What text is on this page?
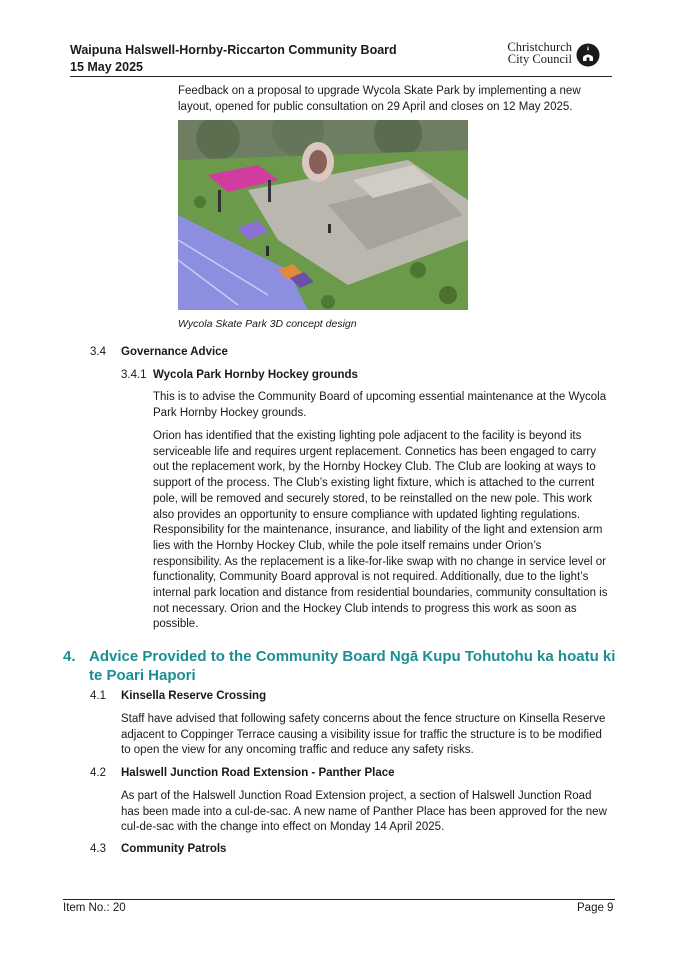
Waipuna Halswell-Hornby-Riccarton Community Board
15 May 2025
Christchurch
City Council

Feedback on a proposal to upgrade Wycola Skate Park by implementing a new layout, opened for public consultation on 29 April and closes on 12 May 2025.

Wycola Skate Park 3D concept design
3.4 Governance Advice
3.4.1 Wycola Park Hornby Hockey grounds

This is to advise the Community Board of upcoming essential maintenance at the Wycola Park Hornby Hockey grounds.

Orion has identified that the existing lighting pole adjacent to the facility is beyond its serviceable life and requires urgent replacement. Connetics has been engaged to carry out the replacement work, by the Hornby Hockey Club. The Club are looking at ways to support of the process. The Club’s existing light fixture, which is attached to the current pole, will be removed and securely stored, to be reinstalled on the new pole. This work also provides an opportunity to ensure compliance with updated lighting regulations. Responsibility for the maintenance, insurance, and liability of the light and extension arm lies with the Hornby Hockey Club, while the pole itself remains under Orion’s responsibility. As the replacement is a like-for-like swap with no change in service level or functionality, Community Board approval is not required. Additionally, due to the light’s internal park location and distance from residential boundaries, community consultation is not necessary. Orion and the Hockey Club intends to progress this work as soon as possible.

4. Advice Provided to the Community Board Ngā Kupu Tohutohu ka hoatu ki te Poari Hapori
4.1 Kinsella Reserve Crossing

Staff have advised that following safety concerns about the fence structure on Kinsella Reserve adjacent to Coppinger Terrace causing a visibility issue for traffic the structure is to be modified to open the view for any oncoming traffic and reduce any safety risks.

4.2 Halswell Junction Road Extension - Panther Place

As part of the Halswell Junction Road Extension project, a section of Halswell Junction Road has been made into a cul-de-sac. A new name of Panther Place has been approved for the new cul-de-sac with the change into effect on Monday 14 April 2025.

4.3 Community Patrols
Item No.: 20	Page 9
